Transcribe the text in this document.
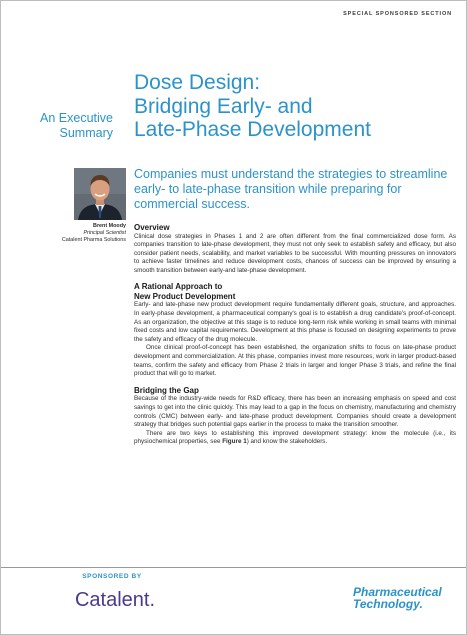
SPECIAL SPONSORED SECTION
An Executive Summary
Dose Design:
Bridging Early- and
Late-Phase Development
Brent Moody
Principal Scientist
Catalent Pharma Solutions
Companies must understand the strategies to streamline early- to late-phase transition while preparing for commercial success.
Overview

Clinical dose strategies in Phases 1 and 2 are often different from the final commercialized dose form. As companies transition to late-phase development, they must not only seek to establish safety and efficacy, but also consider patient needs, scalability, and market variables to be successful. With mounting pressures on innovators to achieve faster timelines and reduce development costs, chances of success can be improved by ensuring a smooth transition between early-and late-phase development.

A Rational Approach to
New Product Development

Early- and late-phase new product development require fundamentally different goals, structure, and approaches. In early-phase development, a pharmaceutical company's goal is to establish a drug candidate's proof-of-concept. As an organization, the objective at this stage is to reduce long-term risk while working in small teams with minimal fixed costs and low capital requirements. Development at this phase is focused on designing experiments to prove the safety and efficacy of the drug molecule.

Once clinical proof-of-concept has been established, the organization shifts to focus on late-phase product development and commercialization. At this phase, companies invest more resources, work in larger product-based teams, confirm the safety and efficacy from Phase 2 trials in larger and longer Phase 3 trials, and refine the final product that will go to market.

Bridging the Gap

Because of the industry-wide needs for R&D efficacy, there has been an increasing emphasis on speed and cost savings to get into the clinic quickly. This may lead to a gap in the focus on chemistry, manufacturing and chemistry controls (CMC) between early- and late-phase product development. Companies should create a development strategy that bridges such potential gaps earlier in the process to make the transition smoother.

There are two keys to establishing this improved development strategy: know the molecule (i.e., its physiochemical properties, see Figure 1) and know the stakeholders.

SPONSORED BY
Catalent.	Pharmaceutical
Technology.
